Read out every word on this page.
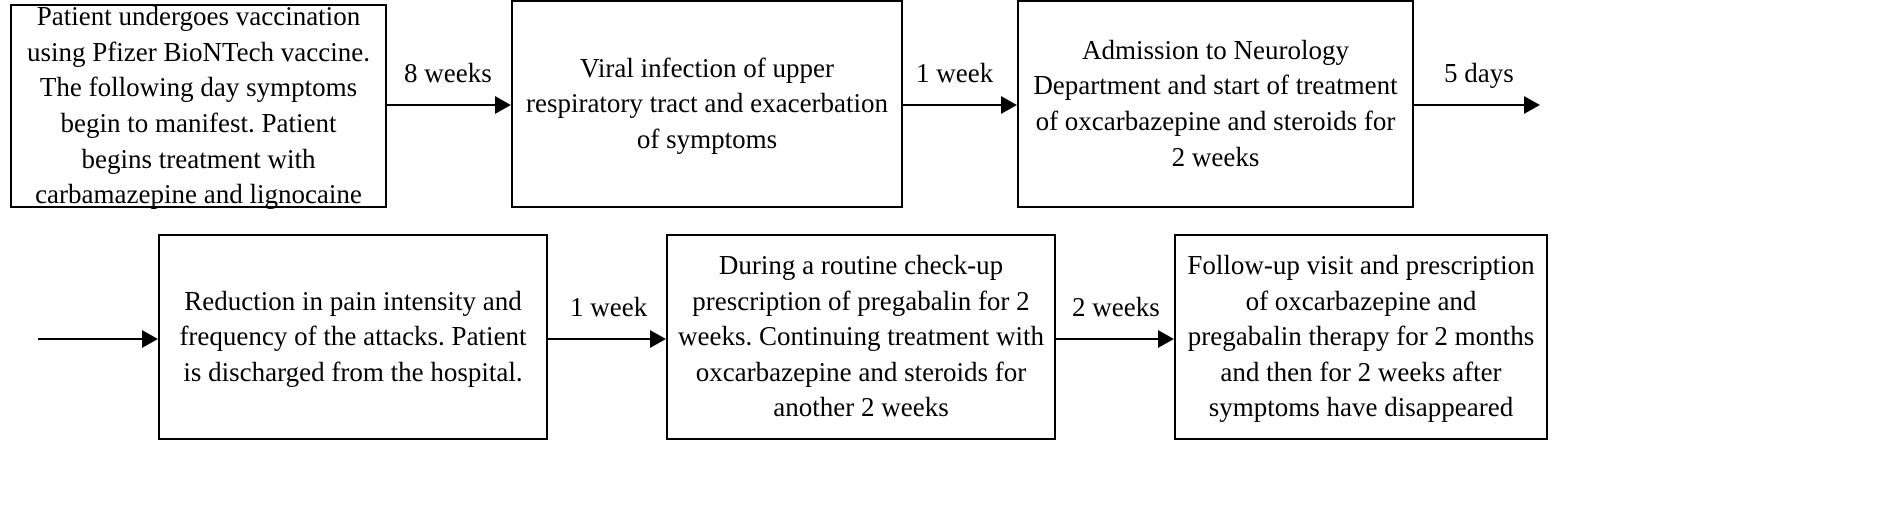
Patient undergoes vaccination using Pfizer BioNTech vaccine. The following day symptoms begin to manifest. Patient begins treatment with carbamazepine and lignocaine
8 weeks	Viral infection of upper respiratory tract and exacerbation of symptoms
1 week
Admission to Neurology Department and start of treatment of oxcarbazepine and steroids for 2 weeks
5 days
Reduction in pain intensity and frequency of the attacks. Patient is discharged from the hospital.
1 week
During a routine check-up prescription of pregabalin for 2 weeks. Continuing treatment with oxcarbazepine and steroids for another 2 weeks
2 weeks
Follow-up visit and prescription of oxcarbazepine and pregabalin therapy for 2 months and then for 2 weeks after symptoms have disappeared
